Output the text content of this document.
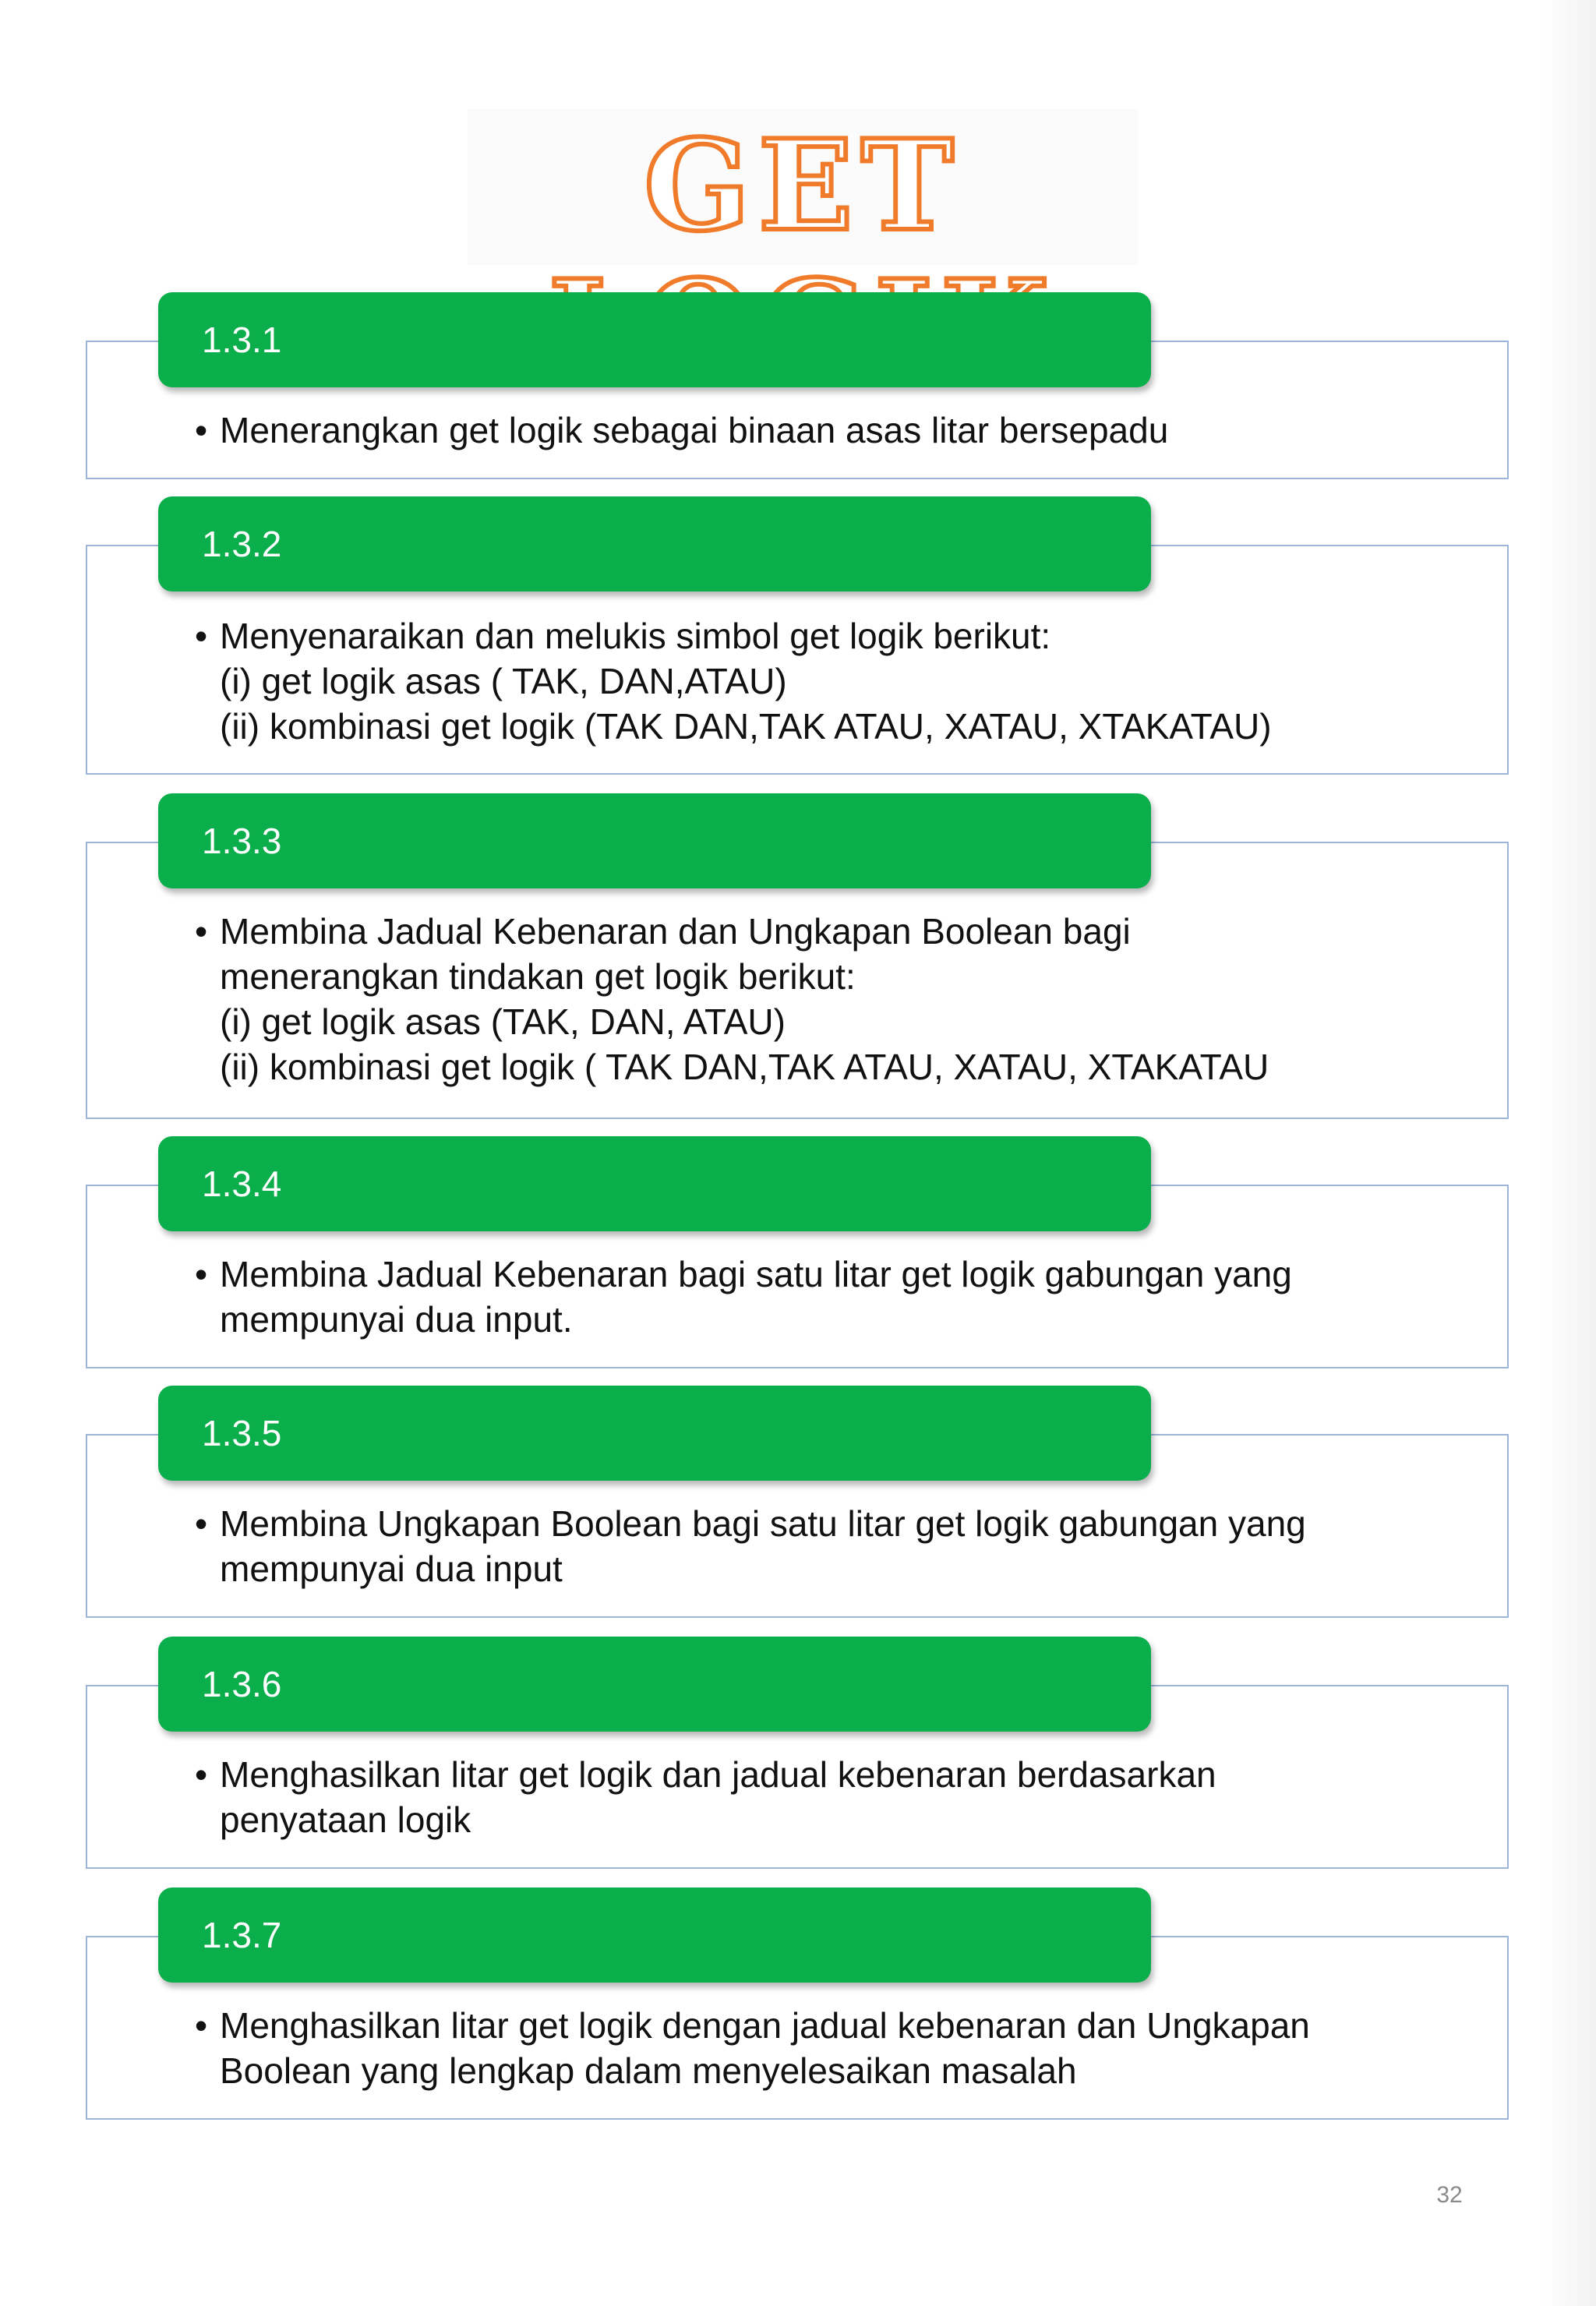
GET
1.3.1
• Menerangkan get logik sebagai binaan asas litar bersepadu
1.3.2
• Menyenaraikan dan melukis simbol get logik berikut:
(i) get logik asas ( TAK, DAN,ATAU)
(ii) kombinasi get logik (TAK DAN,TAK ATAU, XATAU, XTAKATAU)
1.3.3
• Membina Jadual Kebenaran dan Ungkapan Boolean bagi
menerangkan tindakan get logik berikut:
(i) get logik asas (TAK, DAN, ATAU)
(ii) kombinasi get logik ( TAK DAN,TAK ATAU, XATAU, XTAKATAU
1.3.4
• Membina Jadual Kebenaran bagi satu litar get logik gabungan yang
mempunyai dua input.
1.3.5
• Membina Ungkapan Boolean bagi satu litar get logik gabungan yang
mempunyai dua input
1.3.6
• Menghasilkan litar get logik dan jadual kebenaran berdasarkan
penyataan logik
1.3.7
• Menghasilkan litar get logik dengan jadual kebenaran dan Ungkapan
Boolean yang lengkap dalam menyelesaikan masalah
32
